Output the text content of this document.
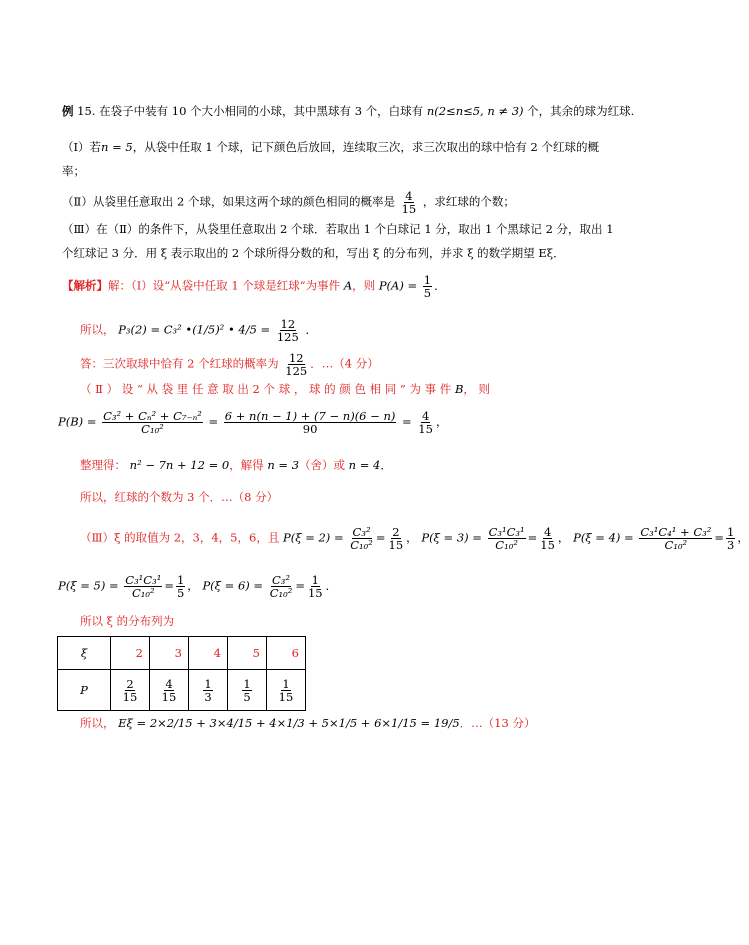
例 15. 在袋子中装有 10 个大小相同的小球，其中黑球有 3 个，白球有 n(2≤n≤5, n ≠ 3) 个，其余的球为红球.
（Ⅰ）若n = 5，从袋中任取 1 个球，记下颜色后放回，连续取三次，求三次取出的球中恰有 2 个红球的概
率；
（Ⅱ）从袋里任意取出 2 个球，如果这两个球的颜色相同的概率是 $\frac{4}{15}$ ，求红球的个数；
（Ⅲ）在（Ⅱ）的条件下，从袋里任意取出 2 个球．若取出 1 个白球记 1 分，取出 1 个黑球记 2 分，取出 1
个红球记 3 分．用 ξ 表示取出的 2 个球所得分数的和，写出 ξ 的分布列，并求 ξ 的数学期望 Eξ．
【解析】解：（Ⅰ）设“从袋中任取 1 个球是红球”为事件 A，则 $P(A) = \frac{1}{5}$ ．
所以， P₃(2) = C₃² •(1/5)² • $4/5 = \frac{12}{125}$ ．
答：三次取球中恰有 2 个红球的概率为 $\frac{12}{125}$ ．…（4 分）
（ Ⅱ ） 设 “ 从 袋 里 任 意 取 出 2 个 球 ， 球 的 颜 色 相 同 ” 为 事 件 B， 则
$P(B) = \frac{\text{C₃² + Cₙ² + C₇₋ₙ²}}{\text{C₁₀²}} = \frac{6 + n(n - 1) + (7 - n)(6 - n)}{90} = \frac{4}{15}$ ，
整理得： n² − 7n + 12 = 0，解得 n = 3（舍）或 n = 4．
所以，红球的个数为 3 个．…（8 分）
（Ⅲ）ξ 的取值为 2，3，4，5，6，且 $P(\xi = 2) = \frac{\text{C₃²}}{\text{C₁₀²}} = \frac{2}{15}$ ， $P(\xi = 3) = \frac{\text{C₃¹C₃¹}}{\text{C₁₀²}} = \frac{4}{15}$ ， $P(\xi = 4) = \frac{\text{C₃¹C₄¹ + C₃²}}{\text{C₁₀²}} = \frac{1}{3}$ ，
$P(\xi = 5) = \frac{\text{C₃¹C₃¹}}{\text{C₁₀²}} = \frac{1}{5}$ ， $P(\xi = 6) = \frac{\text{C₃²}}{\text{C₁₀²}} = \frac{1}{15}$ ．
所以 ξ 的分布列为
ξ	2	3	4	5	6
P	$\frac{2}{15}$	$\frac{4}{15}$	$\frac{1}{3}$	$\frac{1}{5}$	$\frac{1}{15}$
所以， Eξ = 2×2/15 + 3×4/15 + 4×1/3 + 5×1/5 + 6×1/15 = 19/5．…（13 分）
